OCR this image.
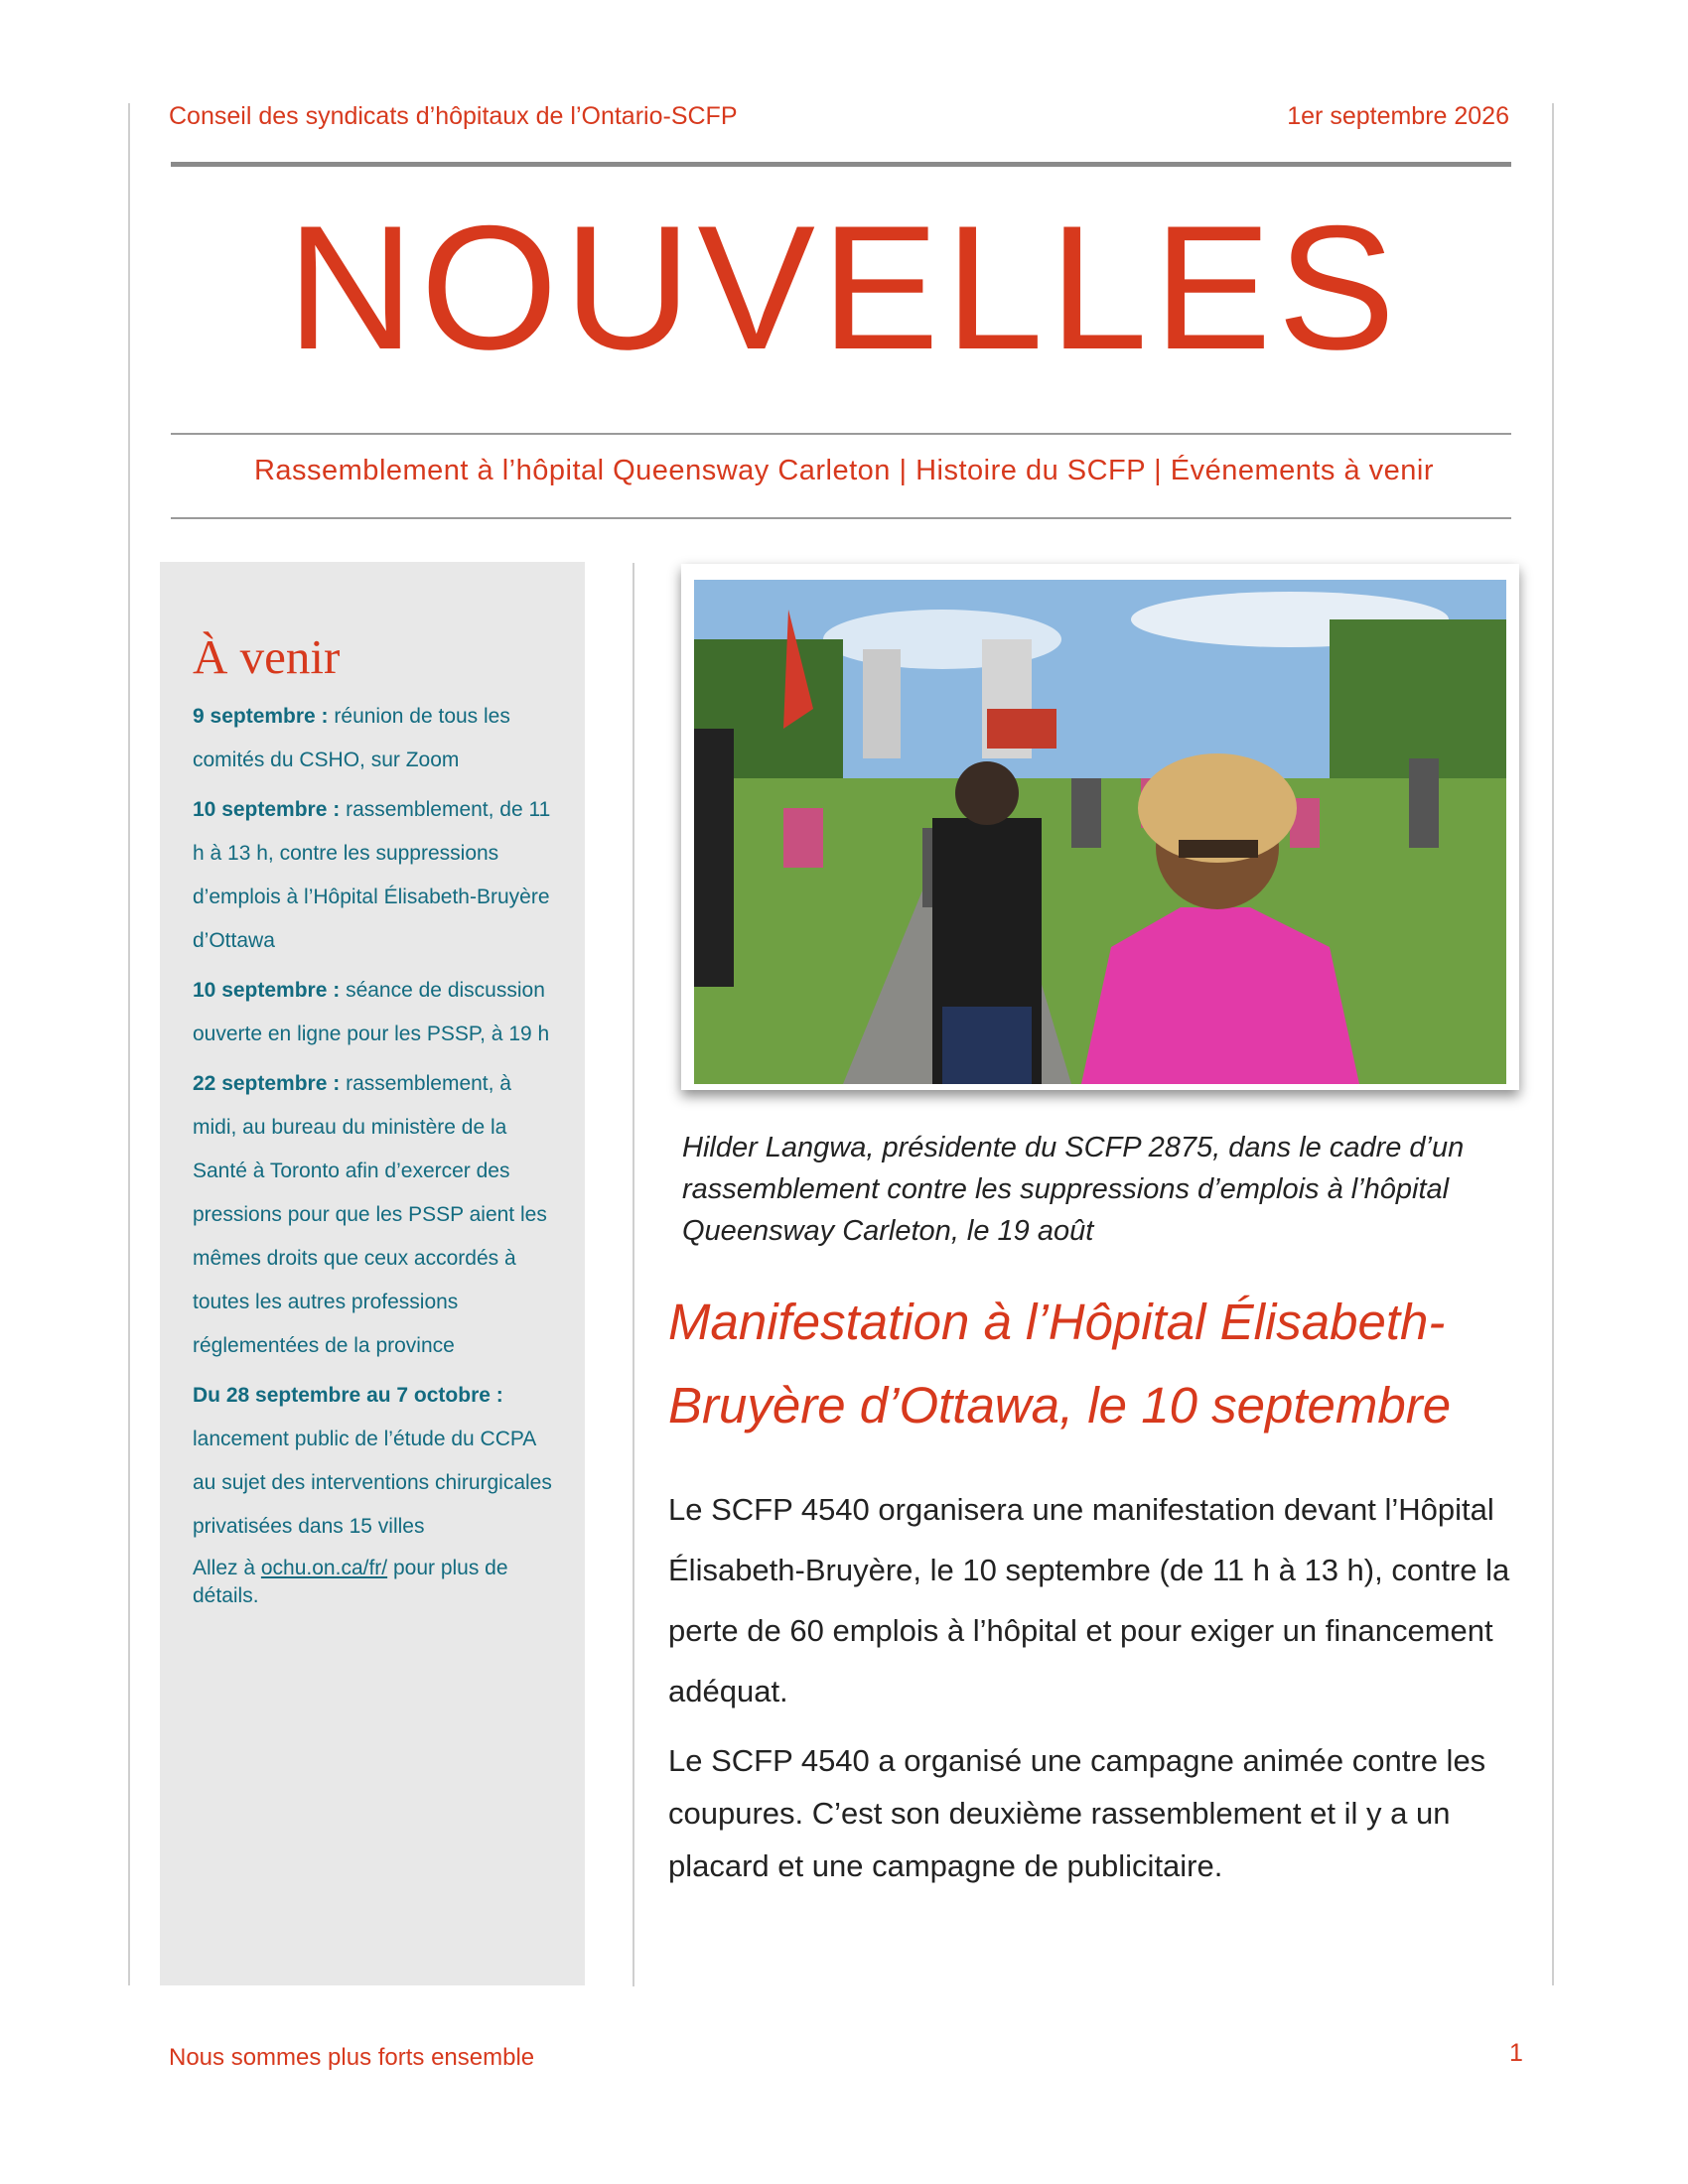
Conseil des syndicats d’hôpitaux de l’Ontario-SCFP	1er septembre 2026
NOUVELLES
Rassemblement à l’hôpital Queensway Carleton | Histoire du SCFP | Événements à venir
À venir
9 septembre : réunion de tous les comités du CSHO, sur Zoom
10 septembre : rassemblement, de 11 h à 13 h, contre les suppressions d’emplois à l’Hôpital Élisabeth-Bruyère d’Ottawa
10 septembre : séance de discussion ouverte en ligne pour les PSSP, à 19 h
22 septembre : rassemblement, à midi, au bureau du ministère de la Santé à Toronto afin d’exercer des pressions pour que les PSSP aient les mêmes droits que ceux accordés à toutes les autres professions réglementées de la province
Du 28 septembre au 7 octobre : lancement public de l’étude du CCPA au sujet des interventions chirurgicales privatisées dans 15 villes
Allez à ochu.on.ca/fr/ pour plus de détails.
Hilder Langwa, présidente du SCFP 2875, dans le cadre d’un rassemblement contre les suppressions d’emplois à l’hôpital Queensway Carleton, le 19 août
Manifestation à l’Hôpital Élisabeth-Bruyère d’Ottawa, le 10 septembre
Le SCFP 4540 organisera une manifestation devant l’Hôpital Élisabeth-Bruyère, le 10 septembre (de 11 h à 13 h), contre la perte de 60 emplois à l’hôpital et pour exiger un financement adéquat.
Le SCFP 4540 a organisé une campagne animée contre les coupures. C’est son deuxième rassemblement et il y a un placard et une campagne de publicitaire.
Nous sommes plus forts ensemble	1
